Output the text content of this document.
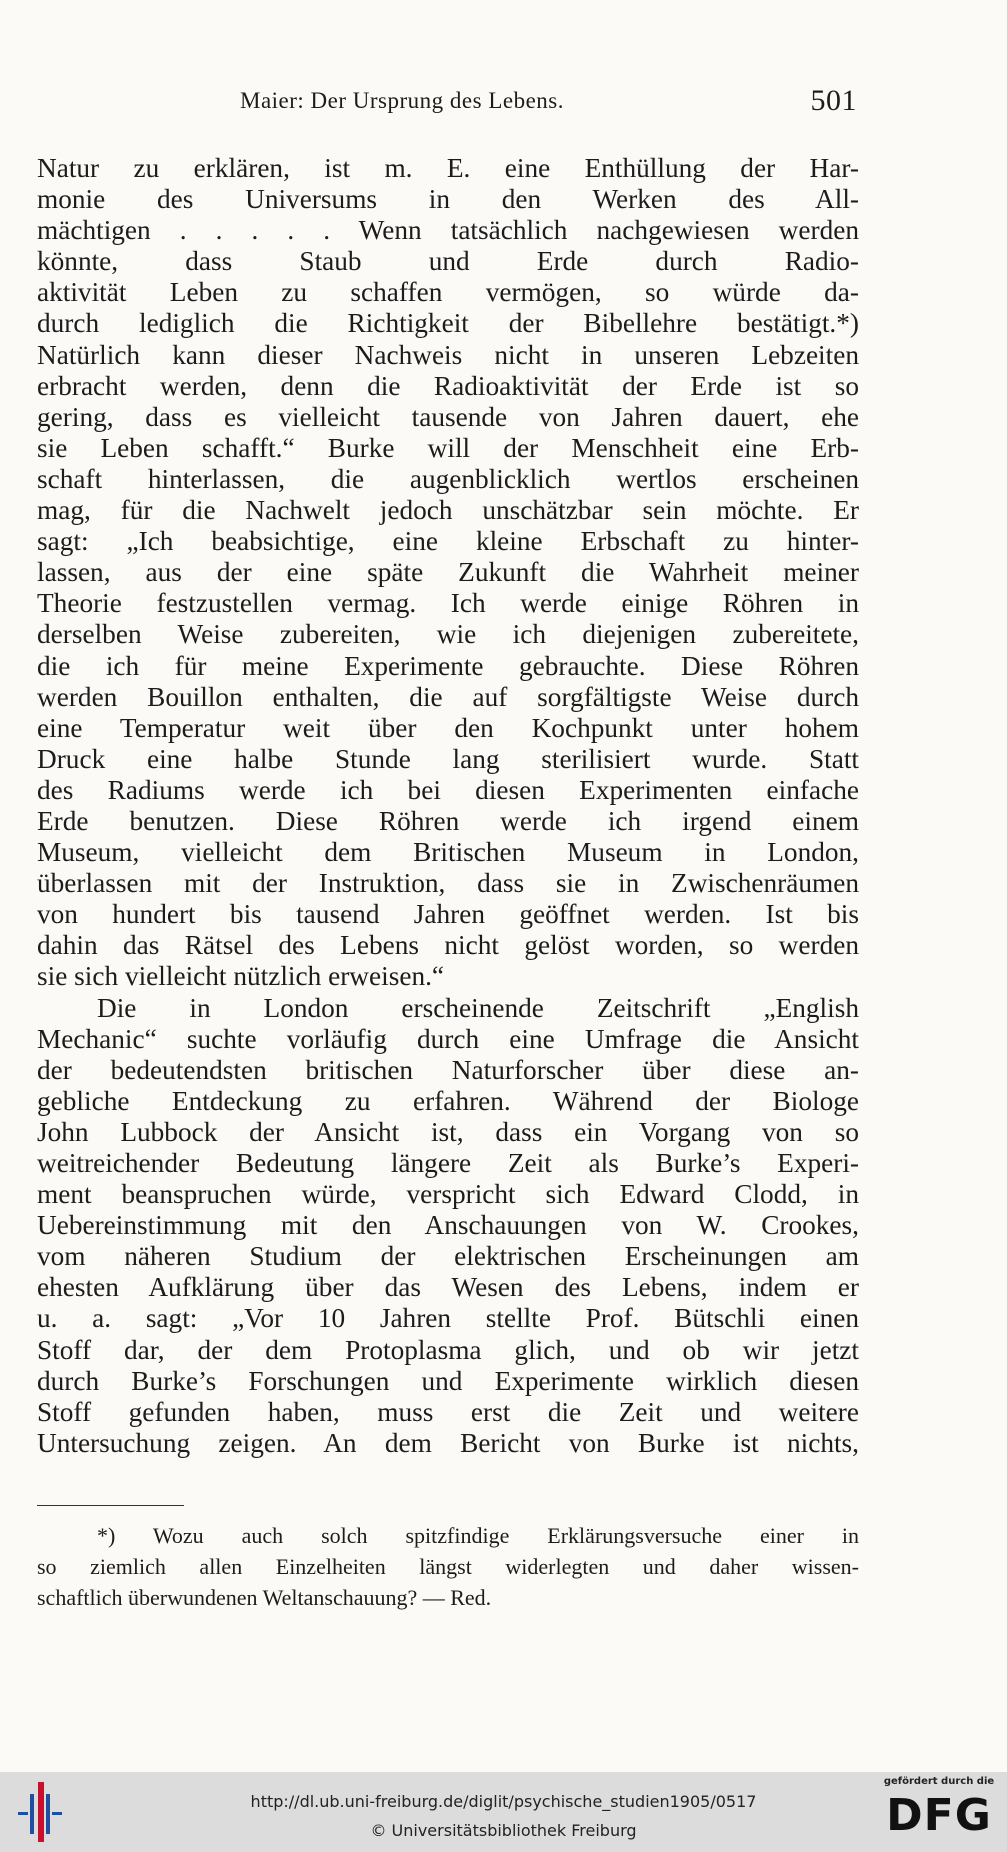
Maier: Der Ursprung des Lebens.	501
Natur zu erklären, ist m. E. eine Enthüllung der Har-
monie des Universums in den Werken des All-
mächtigen . . . . . Wenn tatsächlich nachgewiesen werden
könnte, dass Staub und Erde durch Radio-
aktivität Leben zu schaffen vermögen, so würde da-
durch lediglich die Richtigkeit der Bibellehre bestätigt.*)
Natürlich kann dieser Nachweis nicht in unseren Lebzeiten
erbracht werden, denn die Radioaktivität der Erde ist so
gering, dass es vielleicht tausende von Jahren dauert, ehe
sie Leben schafft.“ Burke will der Menschheit eine Erb-
schaft hinterlassen, die augenblicklich wertlos erscheinen
mag, für die Nachwelt jedoch unschätzbar sein möchte. Er
sagt: „Ich beabsichtige, eine kleine Erbschaft zu hinter-
lassen, aus der eine späte Zukunft die Wahrheit meiner
Theorie festzustellen vermag. Ich werde einige Röhren in
derselben Weise zubereiten, wie ich diejenigen zubereitete,
die ich für meine Experimente gebrauchte. Diese Röhren
werden Bouillon enthalten, die auf sorgfältigste Weise durch
eine Temperatur weit über den Kochpunkt unter hohem
Druck eine halbe Stunde lang sterilisiert wurde. Statt
des Radiums werde ich bei diesen Experimenten einfache
Erde benutzen. Diese Röhren werde ich irgend einem
Museum, vielleicht dem Britischen Museum in London,
überlassen mit der Instruktion, dass sie in Zwischenräumen
von hundert bis tausend Jahren geöffnet werden. Ist bis
dahin das Rätsel des Lebens nicht gelöst worden, so werden
sie sich vielleicht nützlich erweisen.“
Die in London erscheinende Zeitschrift „English
Mechanic“ suchte vorläufig durch eine Umfrage die Ansicht
der bedeutendsten britischen Naturforscher über diese an-
gebliche Entdeckung zu erfahren. Während der Biologe
John Lubbock der Ansicht ist, dass ein Vorgang von so
weitreichender Bedeutung längere Zeit als Burke’s Experi-
ment beanspruchen würde, verspricht sich Edward Clodd, in
Uebereinstimmung mit den Anschauungen von W. Crookes,
vom näheren Studium der elektrischen Erscheinungen am
ehesten Aufklärung über das Wesen des Lebens, indem er
u. a. sagt: „Vor 10 Jahren stellte Prof. Bütschli einen
Stoff dar, der dem Protoplasma glich, und ob wir jetzt
durch Burke’s Forschungen und Experimente wirklich diesen
Stoff gefunden haben, muss erst die Zeit und weitere
Untersuchung zeigen. An dem Bericht von Burke ist nichts,
*) Wozu auch solch spitzfindige Erklärungsversuche einer in
so ziemlich allen Einzelheiten längst widerlegten und daher wissen-
schaftlich überwundenen Weltanschauung? — Red.
http://dl.ub.uni-freiburg.de/diglit/psychische_studien1905/0517
© Universitätsbibliothek Freiburg
gefördert durch die
DFG
